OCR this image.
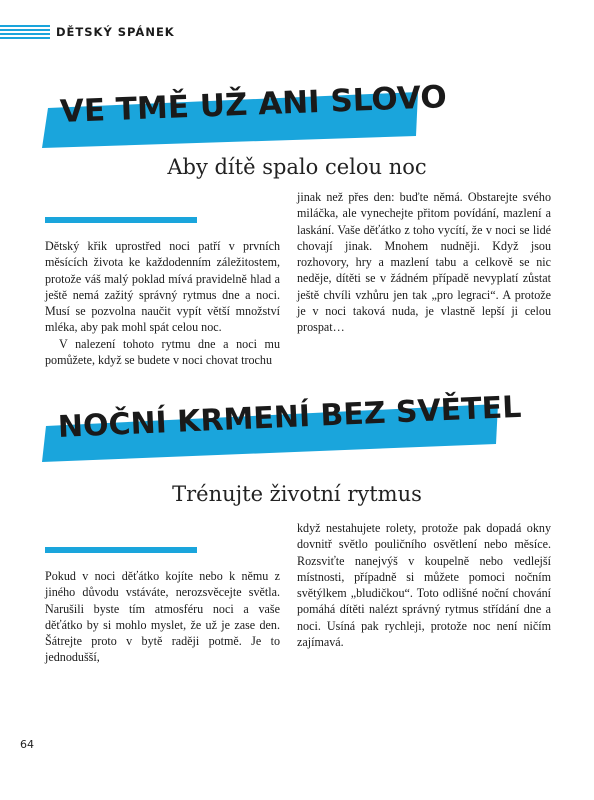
DĚTSKÝ SPÁNEK
VE TMĚ UŽ ANI SLOVO
Aby dítě spalo celou noc

Dětský křik uprostřed noci patří v prvních měsících života ke každodenním záležitostem, protože váš malý poklad mívá pravidelně hlad a ještě nemá zažitý správný rytmus dne a noci. Musí se pozvolna naučit vypít větší množství mléka, aby pak mohl spát celou noc.

V nalezení tohoto rytmu dne a noci mu pomůžete, když se budete v noci chovat trochu

jinak než přes den: buďte němá. Obstarejte svého miláčka, ale vynechejte přitom povídání, mazlení a laskání. Vaše děťátko z toho vycítí, že v noci se lidé chovají jinak. Mnohem nudněji. Když jsou rozhovory, hry a mazlení tabu a celkově se nic neděje, dítěti se v žádném případě nevyplatí zůstat ještě chvíli vzhůru jen tak „pro legraci“. A protože je v noci taková nuda, je vlastně lepší ji celou prospat…

NOČNÍ KRMENÍ BEZ SVĚTEL
Trénujte životní rytmus

Pokud v noci děťátko kojíte nebo k němu z jiného důvodu vstáváte, nerozsvěcejte světla. Narušili byste tím atmosféru noci a vaše děťátko by si mohlo myslet, že už je zase den. Šátrejte proto v bytě raději potmě. Je to jednodušší,

když nestahujete rolety, protože pak dopadá okny dovnitř světlo pouličního osvětlení nebo měsíce. Rozsviťte nanejvýš v koupelně nebo vedlejší místnosti, případně si můžete pomoci nočním světýlkem „bludičkou“. Toto odlišné noční chování pomáhá dítěti nalézt správný rytmus střídání dne a noci. Usíná pak rychleji, protože noc není ničím zajímavá.

64
